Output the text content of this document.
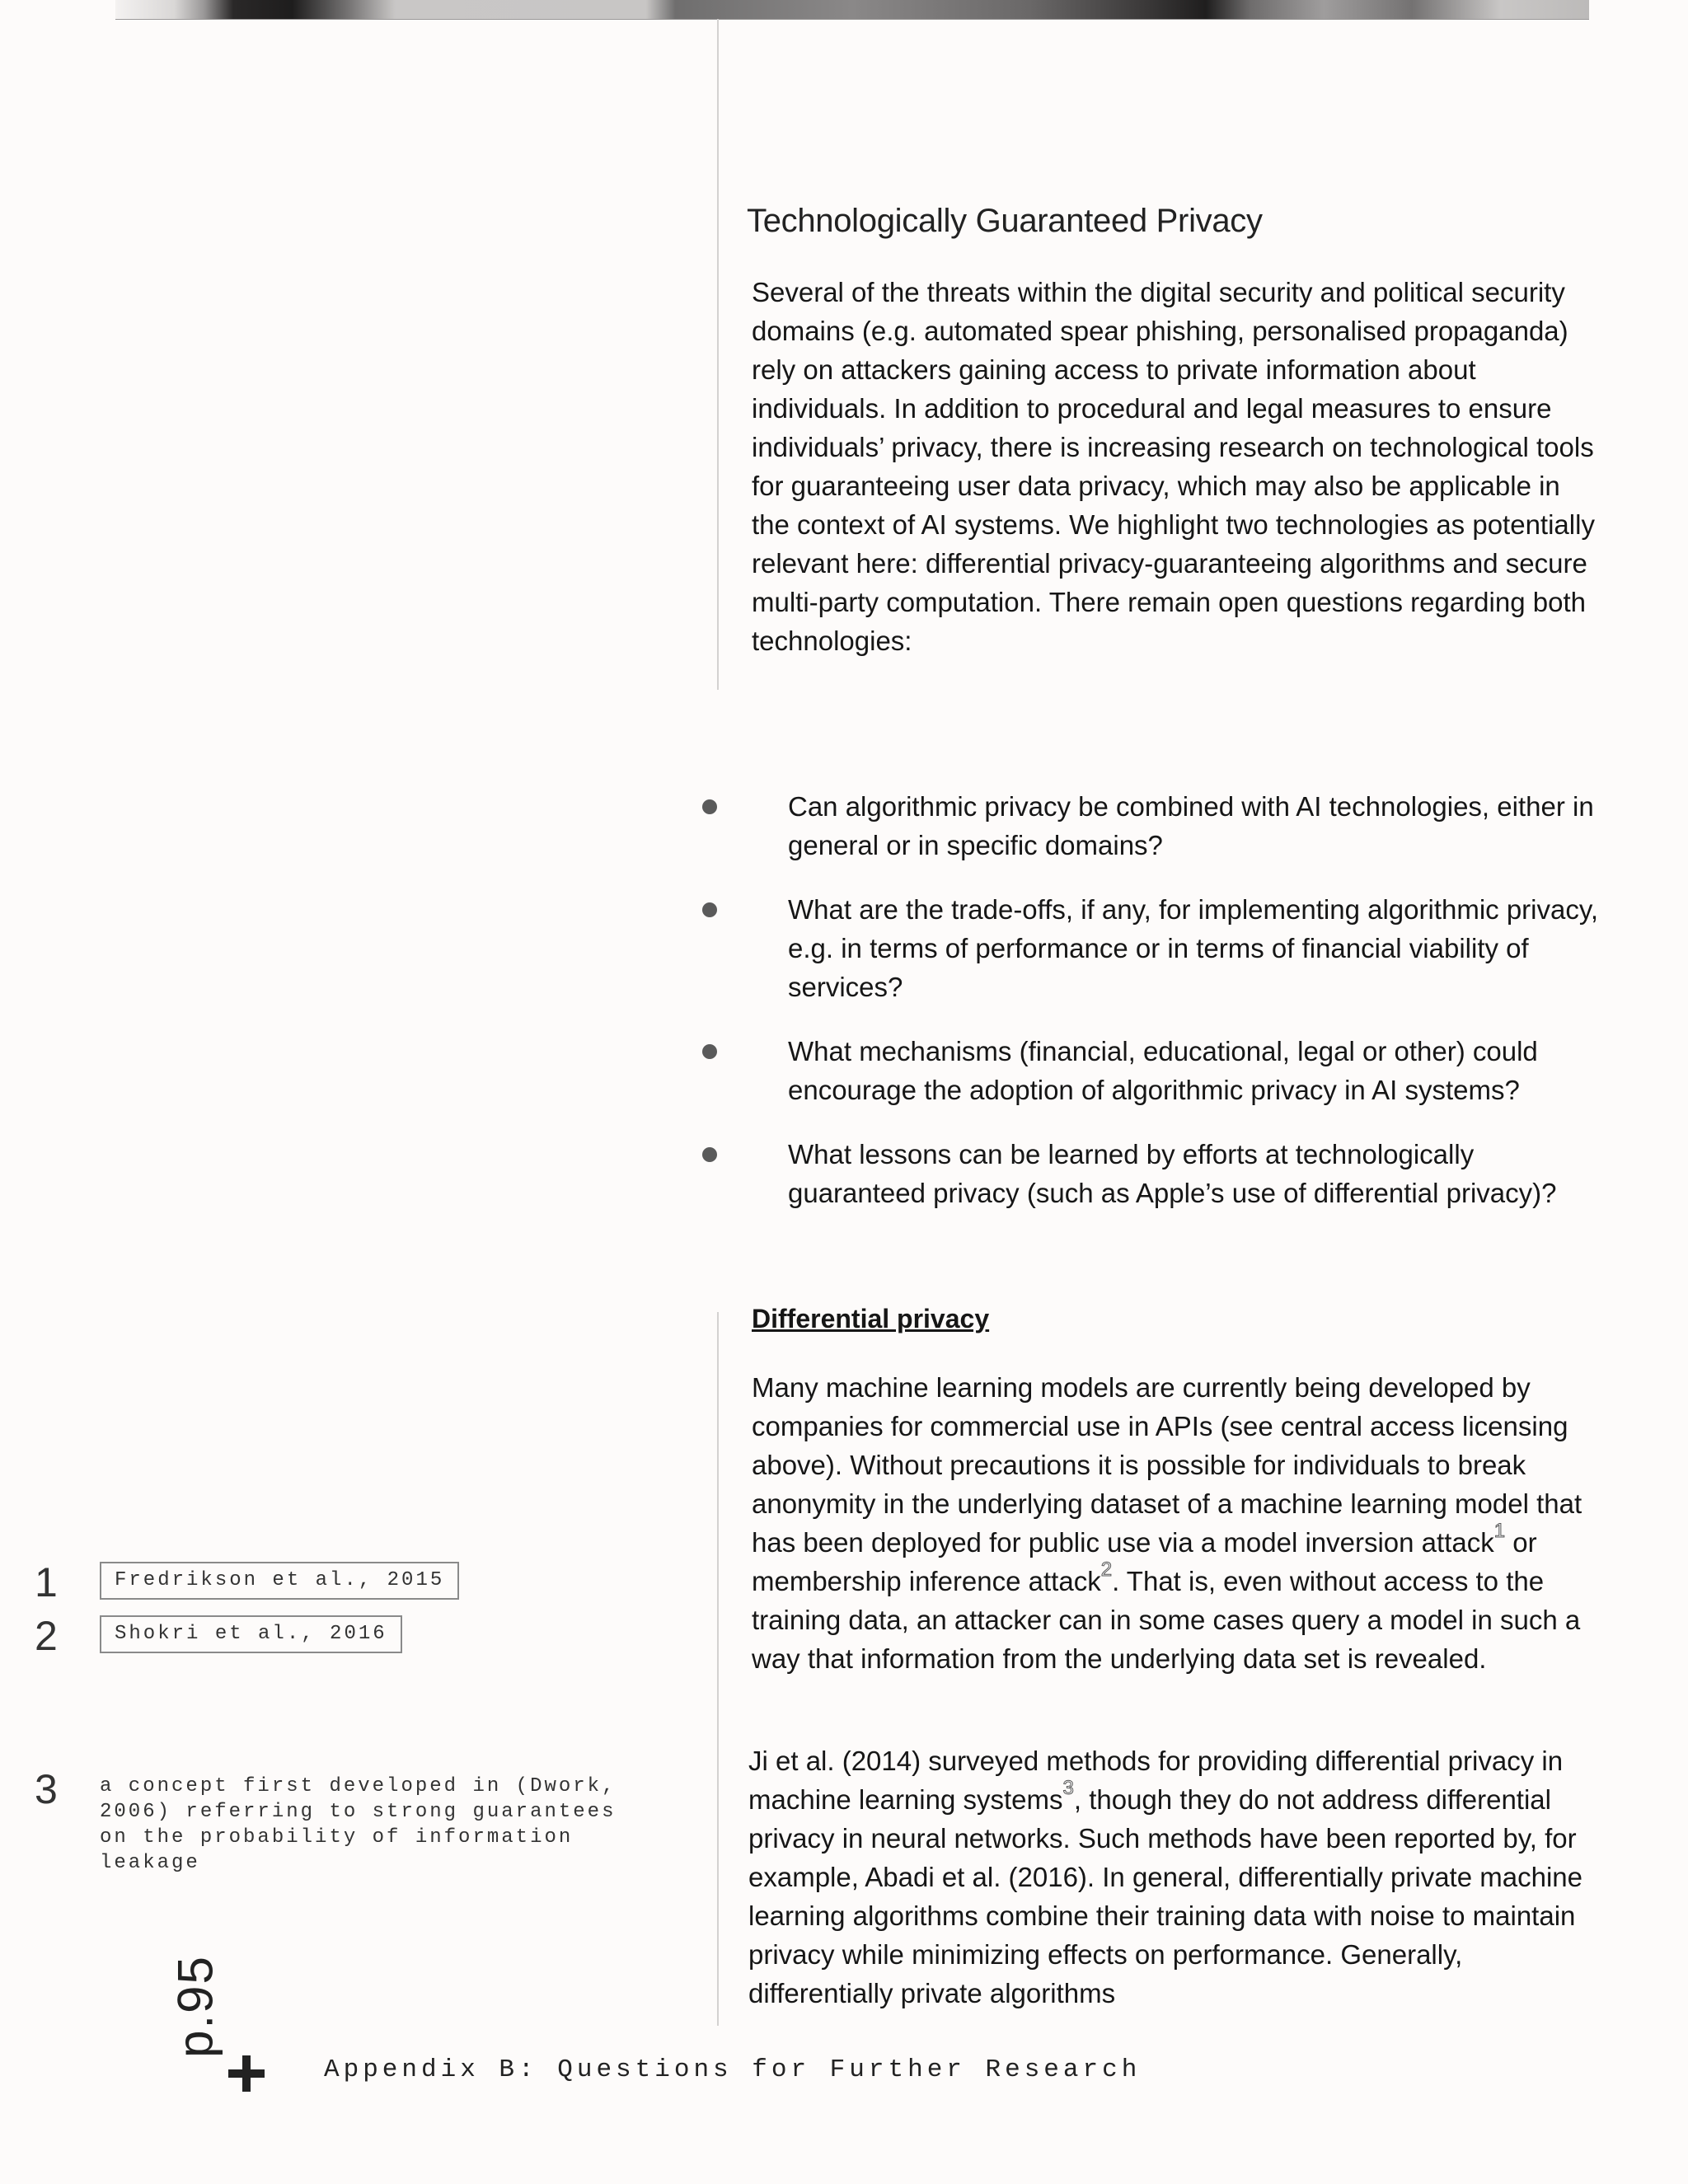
Technologically Guaranteed Privacy

Several of the threats within the digital security and political security domains (e.g. automated spear phishing, personalised propaganda) rely on attackers gaining access to private information about individuals. In addition to procedural and legal measures to ensure individuals’ privacy, there is increasing research on technological tools for guaranteeing user data privacy, which may also be applicable in the context of AI systems. We highlight two technologies as potentially relevant here: differential privacy-guaranteeing algorithms and secure multi-party computation. There remain open questions regarding both technologies:

Can algorithmic privacy be combined with AI technologies, either in general or in specific domains?
What are the trade-offs, if any, for implementing algorithmic privacy, e.g. in terms of performance or in terms of financial viability of services?
What mechanisms (financial, educational, legal or other) could encourage the adoption of algorithmic privacy in AI systems?
What lessons can be learned by efforts at technologically guaranteed privacy (such as Apple’s use of differential privacy)?
Differential privacy

Many machine learning models are currently being developed by companies for commercial use in APIs (see central access licensing above). Without precautions it is possible for individuals to break anonymity in the underlying dataset of a machine learning model that has been deployed for public use via a model inversion attack$^1$ or membership inference attack$^2$. That is, even without access to the training data, an attacker can in some cases query a model in such a way that information from the underlying data set is revealed.

Ji et al. (2014) surveyed methods for providing differential privacy in machine learning systems$^3$, though they do not address differential privacy in neural networks. Such methods have been reported by, for example, Abadi et al. (2016). In general, differentially private machine learning algorithms combine their training data with noise to maintain privacy while minimizing effects on performance. Generally, differentially private algorithms

1	Fredrikson et al., 2015
2	Shokri et al., 2016
3 a concept first developed in (Dwork, 2006) referring to strong guarantees on the probability of information leakage

p.95

Appendix B: Questions for Further Research
